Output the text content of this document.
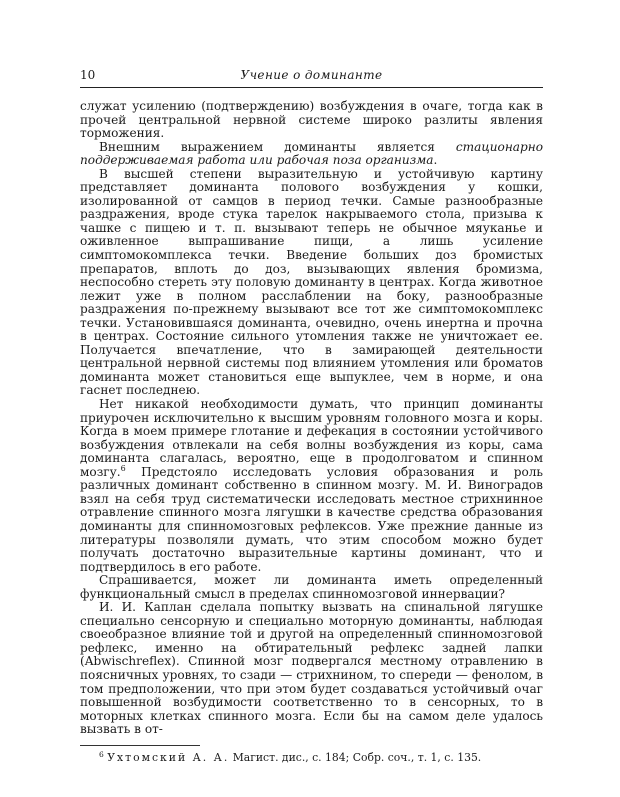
10	Учение о доминанте

служат усилению (подтверждению) возбуждения в очаге, тогда как в прочей центральной нервной системе широко разлиты явления торможения.

Внешним выражением доминанты является стационарно поддерживаемая работа или рабочая поза организма.

В высшей степени выразительную и устойчивую картину представляет доминанта полового возбуждения у кошки, изолированной от самцов в период течки. Самые разнообразные раздражения, вроде стука тарелок накрываемого стола, призыва к чашке с пищею и т. п. вызывают теперь не обычное мяуканье и оживленное выпрашивание пищи, а лишь усиление симптомокомплекса течки. Введение больших доз бромистых препаратов, вплоть до доз, вызывающих явления бромизма, неспособно стереть эту половую доминанту в центрах. Когда животное лежит уже в полном расслаблении на боку, разнообразные раздражения по-прежнему вызывают все тот же симптомокомплекс течки. Установившаяся доминанта, очевидно, очень инертна и прочна в центрах. Состояние сильного утомления также не уничтожает ее. Получается впечатление, что в замирающей деятельности центральной нервной системы под влиянием утомления или броматов доминанта может становиться еще выпуклее, чем в норме, и она гаснет последнею.

Нет никакой необходимости думать, что принцип доминанты приурочен исключительно к высшим уровням головного мозга и коры. Когда в моем примере глотание и дефекация в состоянии устойчивого возбуждения отвлекали на себя волны возбуждения из коры, сама доминанта слагалась, вероятно, еще в продолговатом и спинном мозгу.$^6$ Предстояло исследовать условия образования и роль различных доминант собственно в спинном мозгу. М. И. Виноградов взял на себя труд систематически исследовать местное стрихнинное отравление спинного мозга лягушки в качестве средства образования доминанты для спинномозговых рефлексов. Уже прежние данные из литературы позволяли думать, что этим способом можно будет получать достаточно выразительные картины доминант, что и подтвердилось в его работе.

Спрашивается, может ли доминанта иметь определенный функциональный смысл в пределах спинномозговой иннервации?

И. И. Каплан сделала попытку вызвать на спинальной лягушке специально сенсорную и специально моторную доминанты, наблюдая своеобразное влияние той и другой на определенный спинномозговой рефлекс, именно на обтирательный рефлекс задней лапки (Abwischreflex). Спинной мозг подвергался местному отравлению в поясничных уровнях, то сзади — стрихнином, то спереди — фенолом, в том предположении, что при этом будет создаваться устойчивый очаг повышенной возбудимости соответственно то в сенсорных, то в моторных клетках спинного мозга. Если бы на самом деле удалось вызвать в от-

$^6$ Ухтомский А. А. Магист. дис., с. 184; Собр. соч., т. 1, с. 135.
